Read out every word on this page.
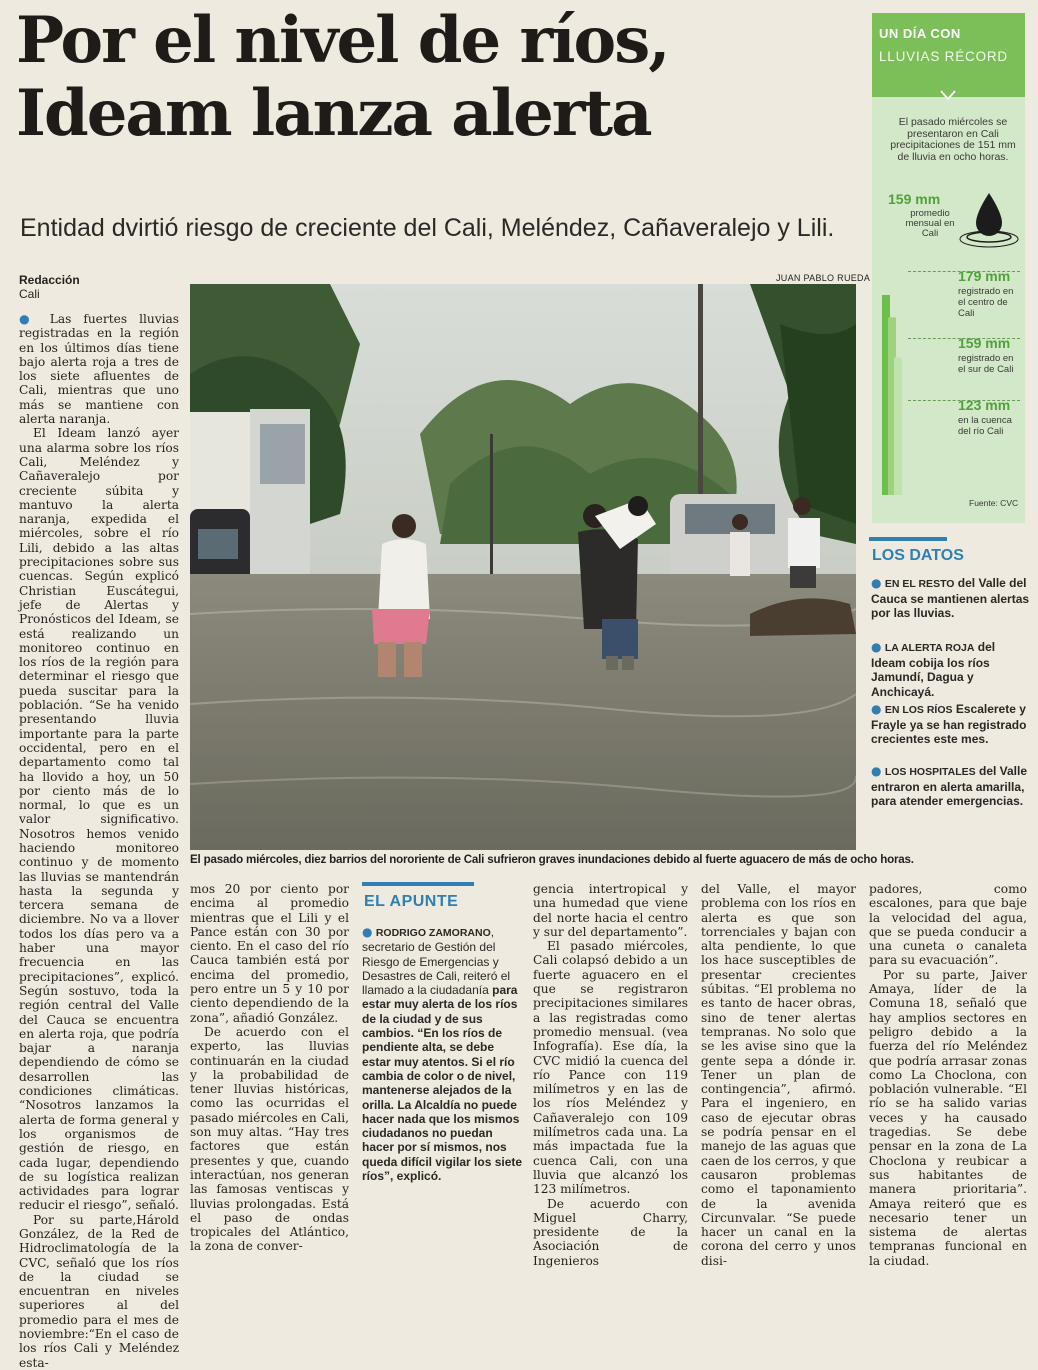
Por el nivel de ríos,
Ideam lanza alerta
Entidad dvirtió riesgo de creciente del Cali, Meléndez, Cañaveralejo y Lili.
Redacción
Cali
JUAN PABLO RUEDA

● Las fuertes lluvias registradas en la región en los últimos días tiene bajo alerta roja a tres de los siete afluentes de Cali, mientras que uno más se mantiene con alerta naranja.

El Ideam lanzó ayer una alarma sobre los ríos Cali, Meléndez y Cañaveralejo por creciente súbita y mantuvo la alerta naranja, expedida el miércoles, sobre el río Lili, debido a las altas precipitaciones sobre sus cuencas. Según explicó Christian Euscátegui, jefe de Alertas y Pronósticos del Ideam, se está realizando un monitoreo continuo en los ríos de la región para determinar el riesgo que pueda suscitar para la población. “Se ha venido presentando lluvia importante para la parte occidental, pero en el departamento como tal ha llovido a hoy, un 50 por ciento más de lo normal, lo que es un valor significativo. Nosotros hemos venido haciendo monitoreo continuo y de momento las lluvias se mantendrán hasta la segunda y tercera semana de diciembre. No va a llover todos los días pero va a haber una mayor frecuencia en las precipitaciones”, explicó. Según sostuvo, toda la región central del Valle del Cauca se encuentra en alerta roja, que podría bajar a naranja dependiendo de cómo se desarrollen las condiciones climáticas. “Nosotros lanzamos la alerta de forma general y los organismos de gestión de riesgo, en cada lugar, dependiendo de su logística realizan actividades para lograr reducir el riesgo”, señaló.

Por su parte,Hárold González, de la Red de Hidroclimatología de la CVC, señaló que los ríos de la ciudad se encuentran en niveles superiores al del promedio para el mes de noviembre:“En el caso de los ríos Cali y Meléndez esta-

El pasado miércoles, diez barrios del nororiente de Cali sufrieron graves inundaciones debido al fuerte aguacero de más de ocho horas.

mos 20 por ciento por encima al promedio mientras que el Lili y el Pance están con 30 por ciento. En el caso del río Cauca también está por encima del promedio, pero entre un 5 y 10 por ciento dependiendo de la zona”, añadió González.

De acuerdo con el experto, las lluvias continuarán en la ciudad y la probabilidad de tener lluvias históricas, como las ocurridas el pasado miércoles en Cali, son muy altas. “Hay tres factores que están presentes y que, cuando interactúan, nos generan las famosas ventiscas y lluvias prolongadas. Está el paso de ondas tropicales del Atlántico, la zona de conver-

EL APUNTE

● RODRIGO ZAMORANO, secretario de Gestión del Riesgo de Emergencias y Desastres de Cali, reiteró el llamado a la ciudadanía para estar muy alerta de los ríos de la ciudad y de sus cambios. “En los ríos de pendiente alta, se debe estar muy atentos. Si el río cambia de color o de nivel, mantenerse alejados de la orilla. La Alcaldía no puede hacer nada que los mismos ciudadanos no puedan hacer por sí mismos, nos queda difícil vigilar los siete ríos”, explicó.

gencia intertropical y una humedad que viene del norte hacia el centro y sur del departamento”.

El pasado miércoles, Cali colapsó debido a un fuerte aguacero en el que se registraron precipitaciones similares a las registradas como promedio mensual. (vea Infografía). Ese día, la CVC midió la cuenca del río Pance con 119 milímetros y en las de los ríos Meléndez y Cañaveralejo con 109 milímetros cada una. La más impactada fue la cuenca Cali, con una lluvia que alcanzó los 123 milímetros.

De acuerdo con Miguel Charry, presidente de la Asociación de Ingenieros

del Valle, el mayor problema con los ríos en alerta es que son torrenciales y bajan con alta pendiente, lo que los hace susceptibles de presentar crecientes súbitas. “El problema no es tanto de hacer obras, sino de tener alertas tempranas. No solo que se les avise sino que la gente sepa a dónde ir. Tener un plan de contingencia”, afirmó. Para el ingeniero, en caso de ejecutar obras se podría pensar en el manejo de las aguas que caen de los cerros, y que causaron problemas como el taponamiento de la avenida Circunvalar. “Se puede hacer un canal en la corona del cerro y unos disi-

padores, como escalones, para que baje la velocidad del agua, que se pueda conducir a una cuneta o canaleta para su evacuación”.

Por su parte, Jaiver Amaya, líder de la Comuna 18, señaló que hay amplios sectores en peligro debido a la fuerza del río Meléndez que podría arrasar zonas como La Choclona, con población vulnerable. “El río se ha salido varias veces y ha causado tragedias. Se debe pensar en la zona de La Choclona y reubicar a sus habitantes de manera prioritaria”. Amaya reiteró que es necesario tener un sistema de alertas tempranas funcional en la ciudad.

UN DÍA CON
LLUVIAS RÉCORD
El pasado miércoles se presentaron en Cali precipitaciones de 151 mm de lluvia en ocho horas.
159 mm
promedio mensual en Cali
179 mm
registrado en el centro de Cali
159 mm
registrado en el sur de Cali
123 mm
en la cuenca del río Cali
Fuente: CVC
LOS DATOS
● EN EL RESTO del Valle del Cauca se mantienen alertas por las lluvias.
● LA ALERTA ROJA del Ideam cobija los ríos Jamundí, Dagua y Anchicayá.
● EN LOS RÍOS Escalerete y Frayle ya se han registrado crecientes este mes.
● LOS HOSPITALES del Valle entraron en alerta amarilla, para atender emergencias.
